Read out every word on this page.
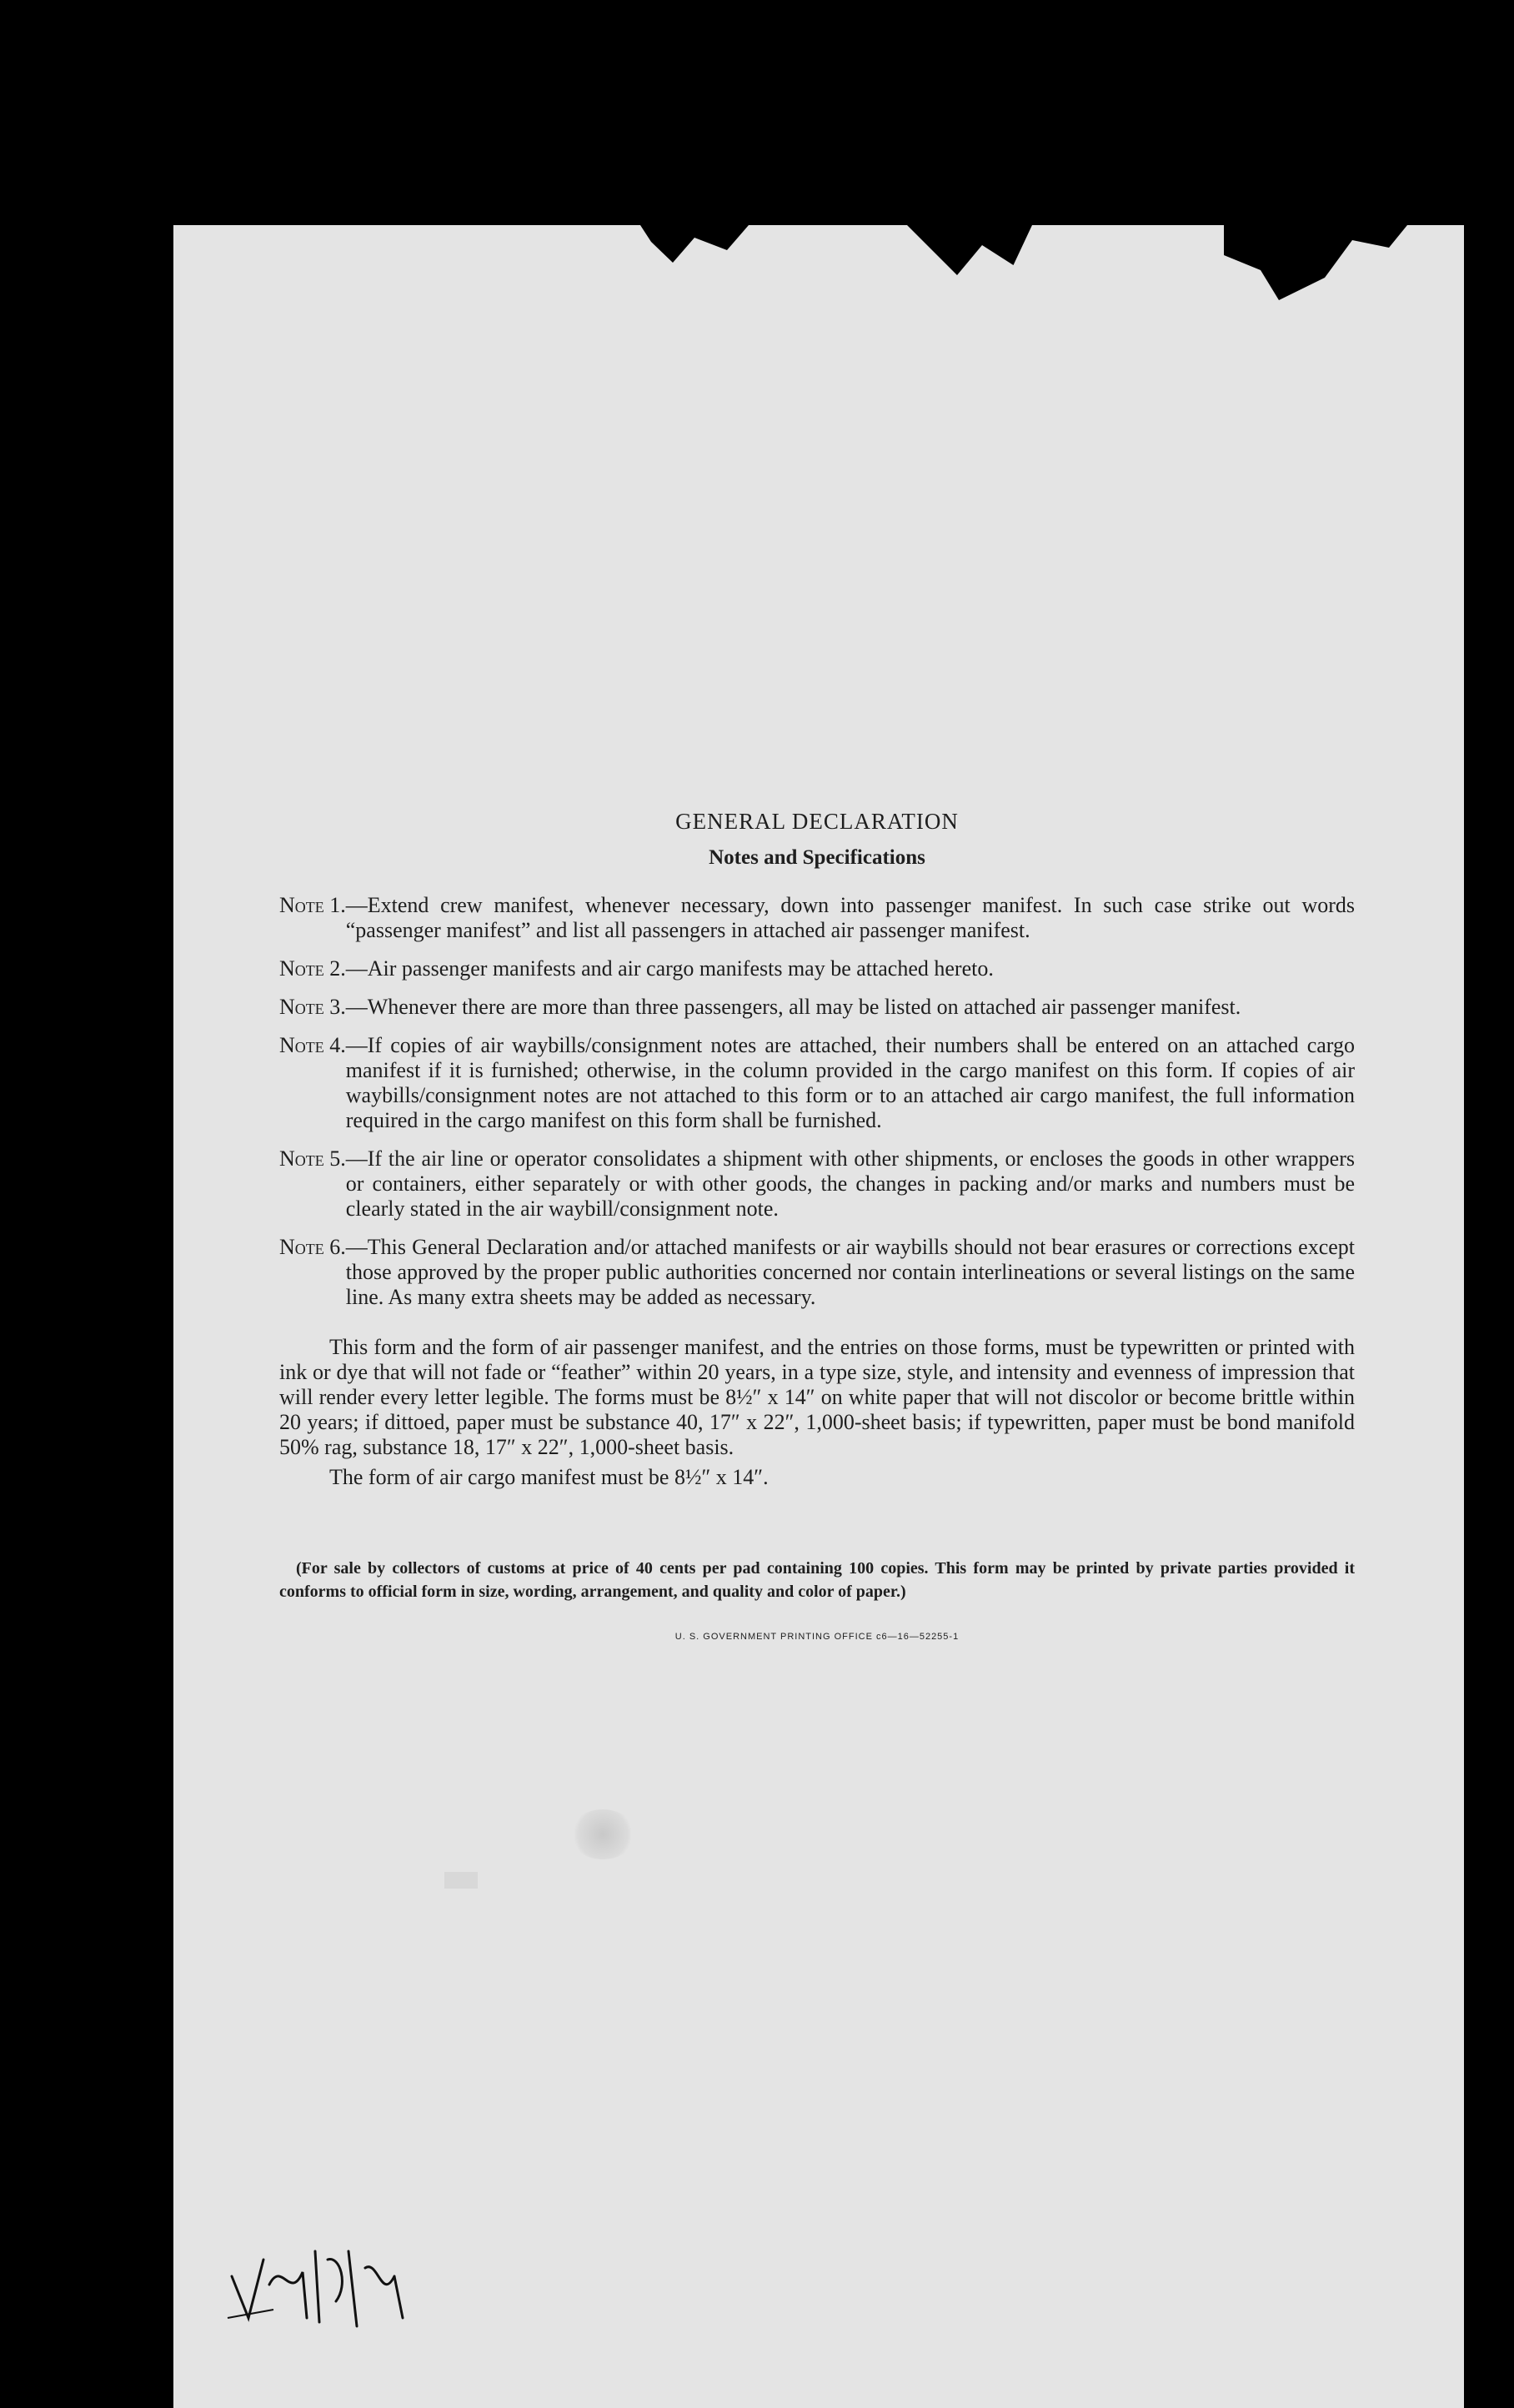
GENERAL DECLARATION
Notes and Specifications
Note 1. —Extend crew manifest, whenever necessary, down into passenger manifest. In such case strike out words “passenger manifest” and list all passengers in attached air passenger manifest.
Note 2. —Air passenger manifests and air cargo manifests may be attached hereto.
Note 3. —Whenever there are more than three passengers, all may be listed on attached air passenger manifest.
Note 4. —If copies of air waybills/consignment notes are attached, their numbers shall be entered on an attached cargo manifest if it is furnished; otherwise, in the column provided in the cargo manifest on this form. If copies of air waybills/consignment notes are not attached to this form or to an attached air cargo manifest, the full information required in the cargo manifest on this form shall be furnished.
Note 5. —If the air line or operator consolidates a shipment with other shipments, or encloses the goods in other wrappers or containers, either separately or with other goods, the changes in packing and/or marks and numbers must be clearly stated in the air waybill/consignment note.
Note 6. —This General Declaration and/or attached manifests or air waybills should not bear erasures or corrections except those approved by the proper public authorities concerned nor contain interlineations or several listings on the same line. As many extra sheets may be added as necessary.

This form and the form of air passenger manifest, and the entries on those forms, must be typewritten or printed with ink or dye that will not fade or “feather” within 20 years, in a type size, style, and intensity and evenness of impression that will render every letter legible. The forms must be 8½″ x 14″ on white paper that will not discolor or become brittle within 20 years; if dittoed, paper must be substance 40, 17″ x 22″, 1,000-sheet basis; if typewritten, paper must be bond manifold 50% rag, substance 18, 17″ x 22″, 1,000-sheet basis.

The form of air cargo manifest must be 8½″ x 14″.

(For sale by collectors of customs at price of 40 cents per pad containing 100 copies. This form may be printed by private parties provided it conforms to official form in size, wording, arrangement, and quality and color of paper.)

U. S. GOVERNMENT PRINTING OFFICE c6—16—52255-1
